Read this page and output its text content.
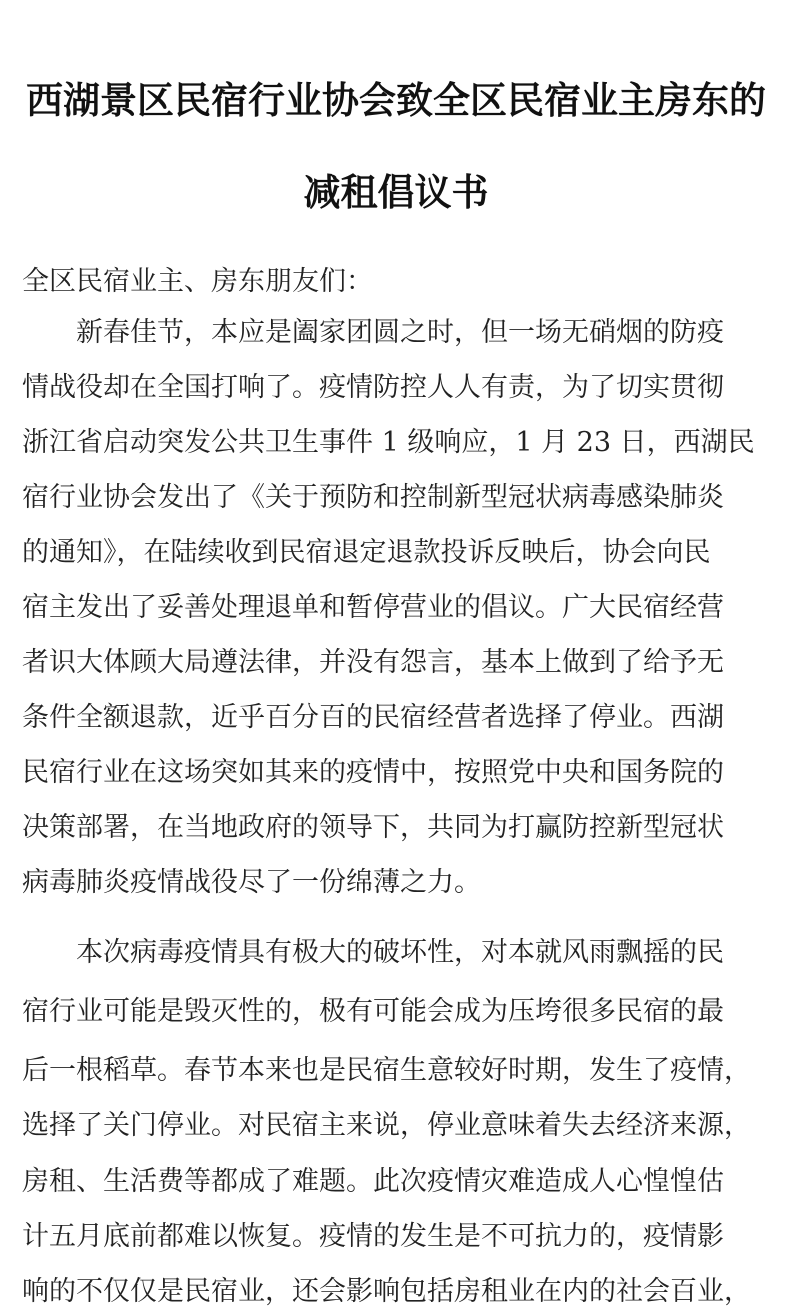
西湖景区民宿行业协会致全区民宿业主房东的
减租倡议书
全区民宿业主、房东朋友们：
　　新春佳节，本应是阖家团圆之时，但一场无硝烟的防疫
情战役却在全国打响了。疫情防控人人有责，为了切实贯彻
浙江省启动突发公共卫生事件 1 级响应，1 月 23 日，西湖民
宿行业协会发出了《关于预防和控制新型冠状病毒感染肺炎
的通知》，在陆续收到民宿退定退款投诉反映后，协会向民
宿主发出了妥善处理退单和暂停营业的倡议。广大民宿经营
者识大体顾大局遵法律，并没有怨言，基本上做到了给予无
条件全额退款，近乎百分百的民宿经营者选择了停业。西湖
民宿行业在这场突如其来的疫情中，按照党中央和国务院的
决策部署，在当地政府的领导下，共同为打赢防控新型冠状
病毒肺炎疫情战役尽了一份绵薄之力。
　　本次病毒疫情具有极大的破坏性，对本就风雨飘摇的民
宿行业可能是毁灭性的，极有可能会成为压垮很多民宿的最
后一根稻草。春节本来也是民宿生意较好时期，发生了疫情，
选择了关门停业。对民宿主来说，停业意味着失去经济来源，
房租、生活费等都成了难题。此次疫情灾难造成人心惶惶估
计五月底前都难以恢复。疫情的发生是不可抗力的，疫情影
响的不仅仅是民宿业，还会影响包括房租业在内的社会百业，
